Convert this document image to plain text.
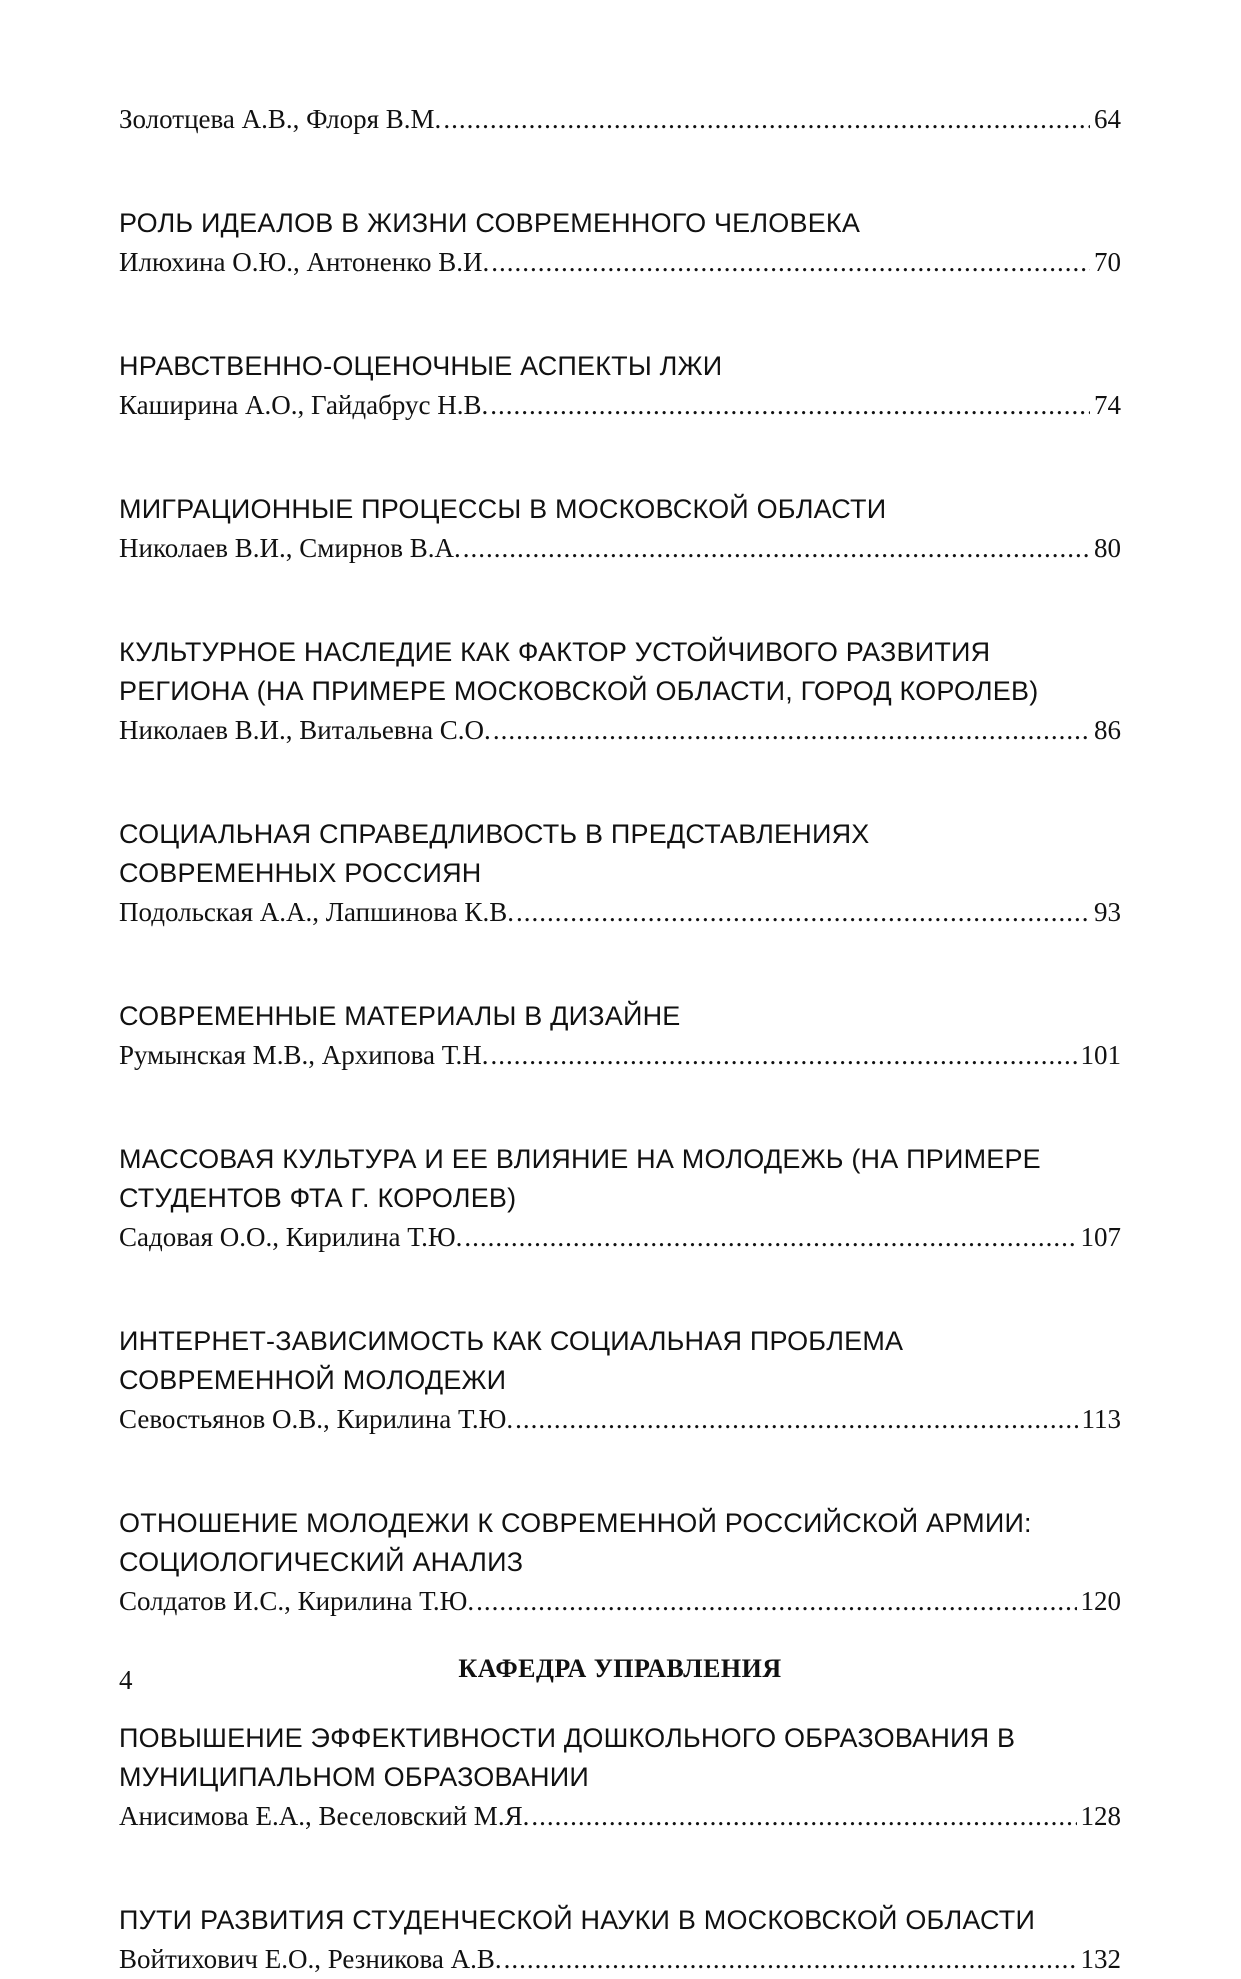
Золотцева А.В., Флоря В.М. .....	64
РОЛЬ ИДЕАЛОВ В ЖИЗНИ СОВРЕМЕННОГО ЧЕЛОВЕКА
Илюхина О.Ю., Антоненко В.И. .....	70
НРАВСТВЕННО-ОЦЕНОЧНЫЕ АСПЕКТЫ ЛЖИ
Каширина А.О., Гайдабрус Н.В. .....	74
МИГРАЦИОННЫЕ ПРОЦЕССЫ В МОСКОВСКОЙ ОБЛАСТИ
Николаев В.И., Смирнов В.А. .....	80
КУЛЬТУРНОЕ НАСЛЕДИЕ КАК ФАКТОР УСТОЙЧИВОГО РАЗВИТИЯ
РЕГИОНА (НА ПРИМЕРЕ МОСКОВСКОЙ ОБЛАСТИ, ГОРОД КОРОЛЕВ)
Николаев В.И., Витальевна С.О. .....	86
СОЦИАЛЬНАЯ СПРАВЕДЛИВОСТЬ В ПРЕДСТАВЛЕНИЯХ
СОВРЕМЕННЫХ РОССИЯН
Подольская А.А., Лапшинова К.В. .....	93
СОВРЕМЕННЫЕ МАТЕРИАЛЫ В ДИЗАЙНЕ
Румынская М.В., Архипова Т.Н. .....	101
МАССОВАЯ КУЛЬТУРА И ЕЕ ВЛИЯНИЕ НА МОЛОДЕЖЬ (НА ПРИМЕРЕ
СТУДЕНТОВ ФТА Г. КОРОЛЕВ)
Садовая О.О., Кирилина Т.Ю. .....	107
ИНТЕРНЕТ-ЗАВИСИМОСТЬ КАК СОЦИАЛЬНАЯ ПРОБЛЕМА
СОВРЕМЕННОЙ МОЛОДЕЖИ
Севостьянов О.В., Кирилина Т.Ю. .....	113
ОТНОШЕНИЕ МОЛОДЕЖИ К СОВРЕМЕННОЙ РОССИЙСКОЙ АРМИИ:
СОЦИОЛОГИЧЕСКИЙ АНАЛИЗ
Солдатов И.С., Кирилина Т.Ю. .....	120
КАФЕДРА УПРАВЛЕНИЯ
ПОВЫШЕНИЕ ЭФФЕКТИВНОСТИ ДОШКОЛЬНОГО ОБРАЗОВАНИЯ В
МУНИЦИПАЛЬНОМ ОБРАЗОВАНИИ
Анисимова Е.А., Веселовский М.Я. .....	128
ПУТИ РАЗВИТИЯ СТУДЕНЧЕСКОЙ НАУКИ В МОСКОВСКОЙ ОБЛАСТИ
Войтихович Е.О., Резникова А.В. .....	132
4
